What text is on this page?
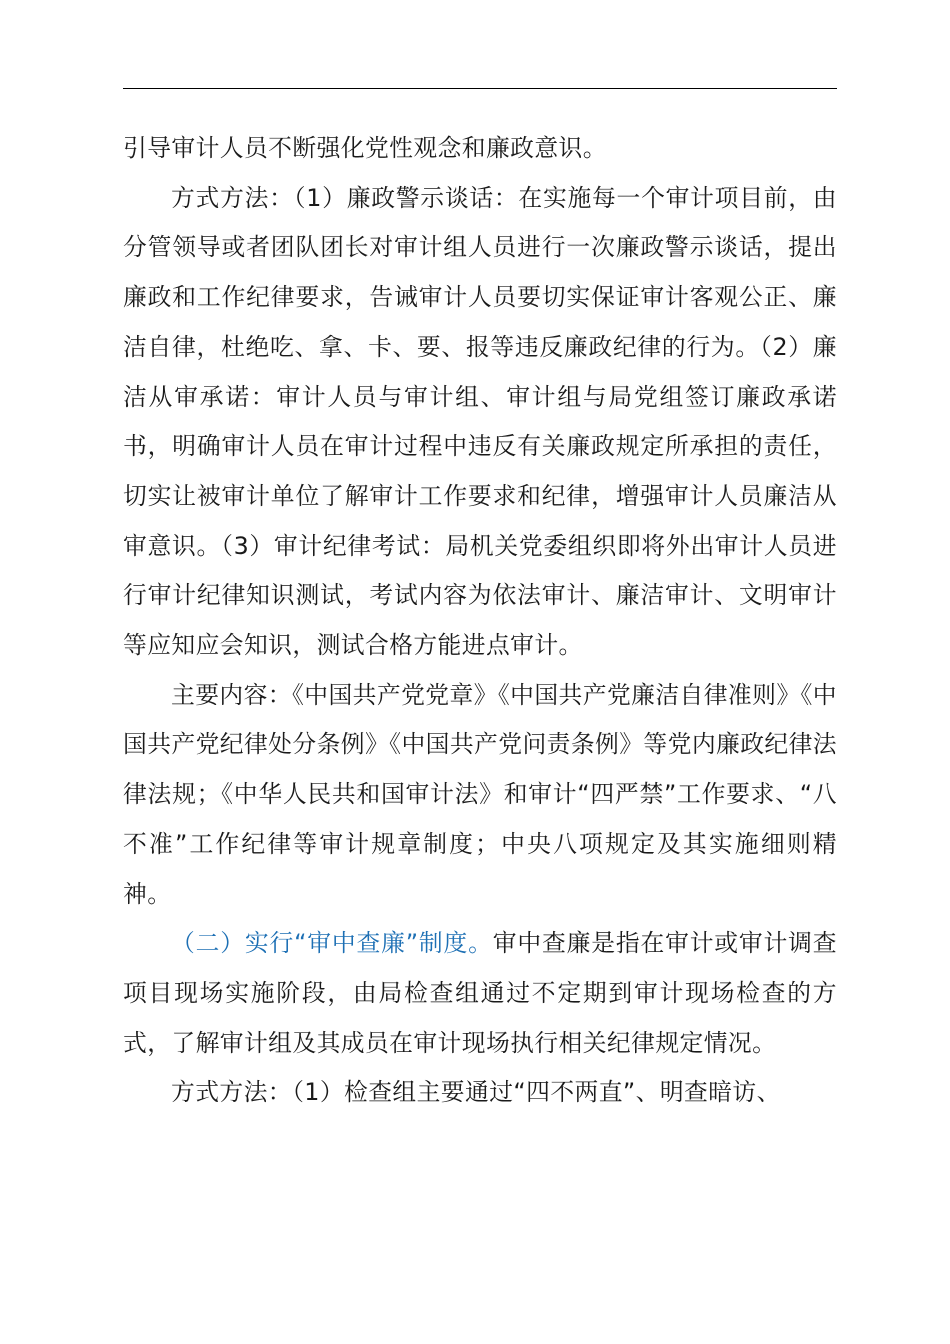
引导审计人员不断强化党性观念和廉政意识。

方式方法：（1）廉政警示谈话：在实施每一个审计项目前，由分管领导或者团队团长对审计组人员进行一次廉政警示谈话，提出廉政和工作纪律要求，告诫审计人员要切实保证审计客观公正、廉洁自律，杜绝吃、拿、卡、要、报等违反廉政纪律的行为。（2）廉洁从审承诺：审计人员与审计组、审计组与局党组签订廉政承诺书，明确审计人员在审计过程中违反有关廉政规定所承担的责任，切实让被审计单位了解审计工作要求和纪律，增强审计人员廉洁从审意识。（3）审计纪律考试：局机关党委组织即将外出审计人员进行审计纪律知识测试，考试内容为依法审计、廉洁审计、文明审计等应知应会知识，测试合格方能进点审计。

主要内容：《中国共产党党章》《中国共产党廉洁自律准则》《中国共产党纪律处分条例》《中国共产党问责条例》等党内廉政纪律法律法规；《中华人民共和国审计法》和审计“四严禁”工作要求、“八不准”工作纪律等审计规章制度；中央八项规定及其实施细则精神。

（二）实行“审中查廉”制度。审中查廉是指在审计或审计调查项目现场实施阶段，由局检查组通过不定期到审计现场检查的方式，了解审计组及其成员在审计现场执行相关纪律规定情况。

方式方法：（1）检查组主要通过“四不两直”、明查暗访、
